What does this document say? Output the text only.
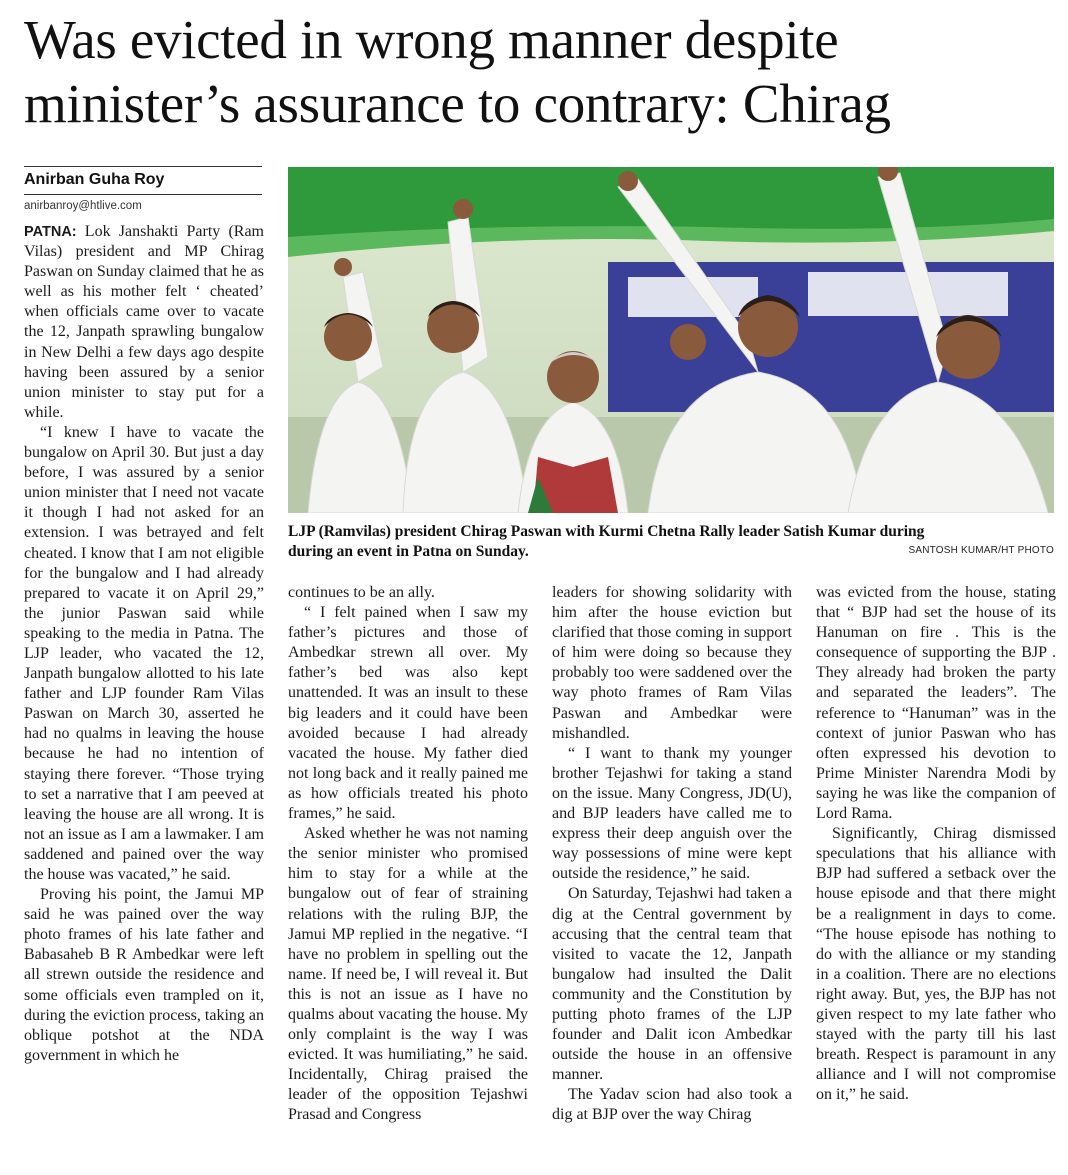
Was evicted in wrong manner despite
minister’s assurance to contrary: Chirag
Anirban Guha Roy
anirbanroy@htlive.com

PATNA: Lok Janshakti Party (Ram Vilas) president and MP Chirag Paswan on Sunday claimed that he as well as his mother felt ‘ cheated’ when officials came over to vacate the 12, Janpath sprawling bungalow in New Delhi a few days ago despite having been assured by a senior union minister to stay put for a while.

“I knew I have to vacate the bungalow on April 30. But just a day before, I was assured by a senior union minister that I need not vacate it though I had not asked for an extension. I was betrayed and felt cheated. I know that I am not eligible for the bungalow and I had already prepared to vacate it on April 29,” the junior Paswan said while speaking to the media in Patna. The LJP leader, who vacated the 12, Janpath bungalow allotted to his late father and LJP founder Ram Vilas Paswan on March 30, asserted he had no qualms in leaving the house because he had no intention of staying there forever. “Those trying to set a narrative that I am peeved at leaving the house are all wrong. It is not an issue as I am a lawmaker. I am saddened and pained over the way the house was vacated,” he said.

Proving his point, the Jamui MP said he was pained over the way photo frames of his late father and Babasaheb B R Ambedkar were left all strewn outside the residence and some officials even trampled on it, during the eviction process, taking an oblique potshot at the NDA government in which he

LJP (Ramvilas) president Chirag Paswan with Kurmi Chetna Rally leader Satish Kumar during
during an event in Patna on Sunday.	SANTOSH KUMAR/HT PHOTO

continues to be an ally.

“ I felt pained when I saw my father’s pictures and those of Ambedkar strewn all over. My father’s bed was also kept unattended. It was an insult to these big leaders and it could have been avoided because I had already vacated the house. My father died not long back and it really pained me as how officials treated his photo frames,” he said.

Asked whether he was not naming the senior minister who promised him to stay for a while at the bungalow out of fear of straining relations with the ruling BJP, the Jamui MP replied in the negative. “I have no problem in spelling out the name. If need be, I will reveal it. But this is not an issue as I have no qualms about vacating the house. My only complaint is the way I was evicted. It was humiliating,” he said. Incidentally, Chirag praised the leader of the opposition Tejashwi Prasad and Congress

leaders for showing solidarity with him after the house eviction but clarified that those coming in support of him were doing so because they probably too were saddened over the way photo frames of Ram Vilas Paswan and Ambedkar were mishandled.

“ I want to thank my younger brother Tejashwi for taking a stand on the issue. Many Congress, JD(U), and BJP leaders have called me to express their deep anguish over the way possessions of mine were kept outside the residence,” he said.

On Saturday, Tejashwi had taken a dig at the Central government by accusing that the central team that visited to vacate the 12, Janpath bungalow had insulted the Dalit community and the Constitution by putting photo frames of the LJP founder and Dalit icon Ambedkar outside the house in an offensive manner.

The Yadav scion had also took a dig at BJP over the way Chirag

was evicted from the house, stating that “ BJP had set the house of its Hanuman on fire . This is the consequence of supporting the BJP . They already had broken the party and separated the leaders”. The reference to “Hanuman” was in the context of junior Paswan who has often expressed his devotion to Prime Minister Narendra Modi by saying he was like the companion of Lord Rama.

Significantly, Chirag dismissed speculations that his alliance with BJP had suffered a setback over the house episode and that there might be a realignment in days to come. “The house episode has nothing to do with the alliance or my standing in a coalition. There are no elections right away. But, yes, the BJP has not given respect to my late father who stayed with the party till his last breath. Respect is paramount in any alliance and I will not compromise on it,” he said.
